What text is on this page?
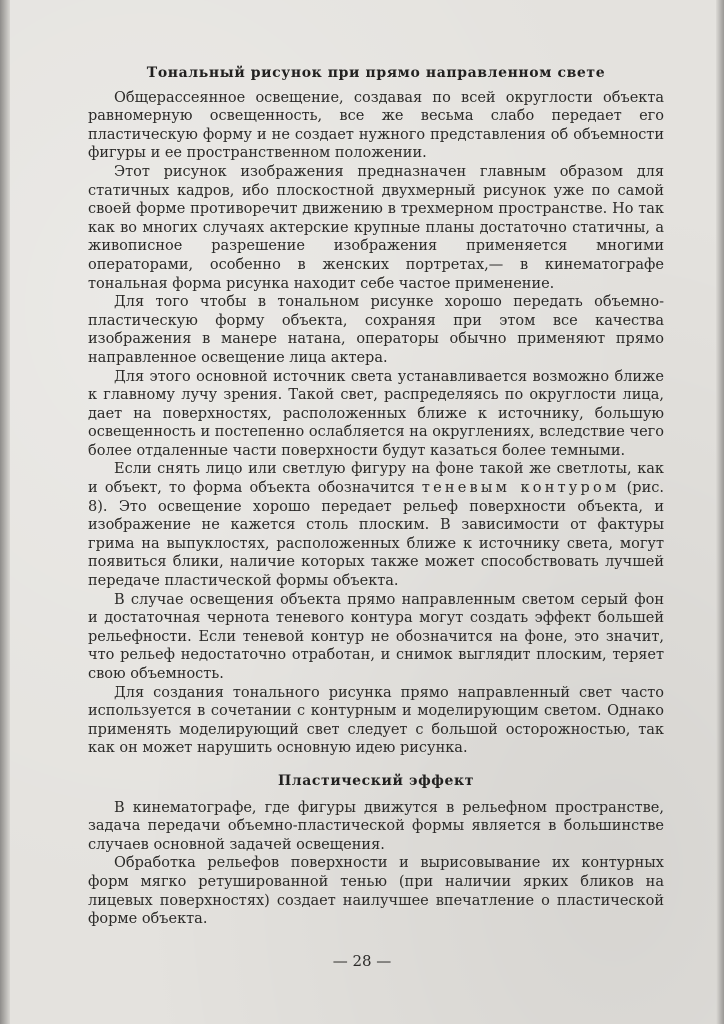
Тональный рисунок при прямо направленном свете

Общерассеянное освещение, создавая по всей округлости объекта равномерную освещенность, все же весьма слабо передает его пластическую форму и не создает нужного представления об объемности фигуры и ее пространственном положении.

Этот рисунок изображения предназначен главным образом для статичных кадров, ибо плоскостной двухмерный рисунок уже по самой своей форме противоречит движению в трехмерном пространстве. Но так как во многих случаях актерские крупные планы достаточно статичны, а живописное разрешение изображения применяется многими операторами, особенно в женских портретах,— в кинематографе тональная форма рисунка находит себе частое применение.

Для того чтобы в тональном рисунке хорошо передать объемно-пластическую форму объекта, сохраняя при этом все качества изображения в манере натана, операторы обычно применяют прямо направленное освещение лица актера.

Для этого основной источник света устанавливается возможно ближе к главному лучу зрения. Такой свет, распределяясь по округлости лица, дает на поверхностях, расположенных ближе к источнику, большую освещенность и постепенно ослабляется на округлениях, вследствие чего более отдаленные части поверхности будут казаться более темными.

Если снять лицо или светлую фигуру на фоне такой же светлоты, как и объект, то форма объекта обозначится теневым контуром (рис. 8). Это освещение хорошо передает рельеф поверхности объекта, и изображение не кажется столь плоским. В зависимости от фактуры грима на выпуклостях, расположенных ближе к источнику света, могут появиться блики, наличие которых также может способствовать лучшей передаче пластической формы объекта.

В случае освещения объекта прямо направленным светом серый фон и достаточная чернота теневого контура могут создать эффект большей рельефности. Если теневой контур не обозначится на фоне, это значит, что рельеф недостаточно отработан, и снимок выглядит плоским, теряет свою объемность.

Для создания тонального рисунка прямо направленный свет часто используется в сочетании с контурным и моделирующим светом. Однако применять моделирующий свет следует с большой осторожностью, так как он может нарушить основную идею рисунка.

Пластический эффект

В кинематографе, где фигуры движутся в рельефном пространстве, задача передачи объемно-пластической формы является в большинстве случаев основной задачей освещения.

Обработка рельефов поверхности и вырисовывание их контурных форм мягко ретушированной тенью (при наличии ярких бликов на лицевых поверхностях) создает наилучшее впечатление о пластической форме объекта.

— 28 —
